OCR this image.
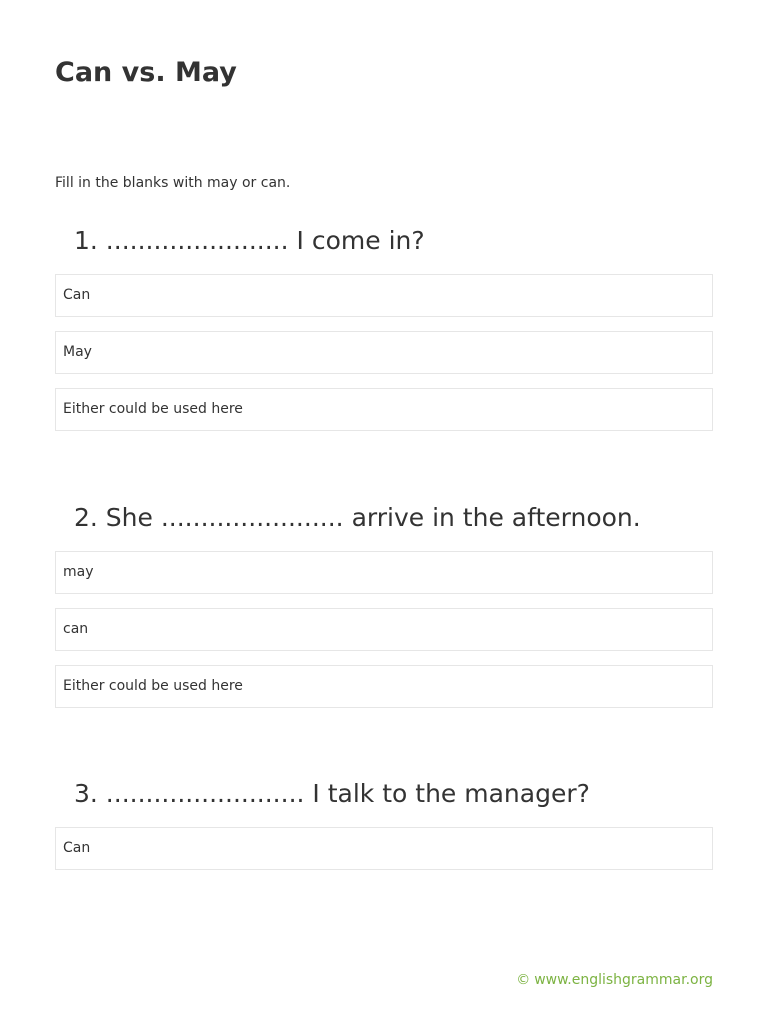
Can vs. May

Fill in the blanks with may or can.

1. ....................... I come in?
Can
May
Either could be used here
2. She ....................... arrive in the afternoon.
may
can
Either could be used here
3. ......................... I talk to the manager?
Can
© www.englishgrammar.org
